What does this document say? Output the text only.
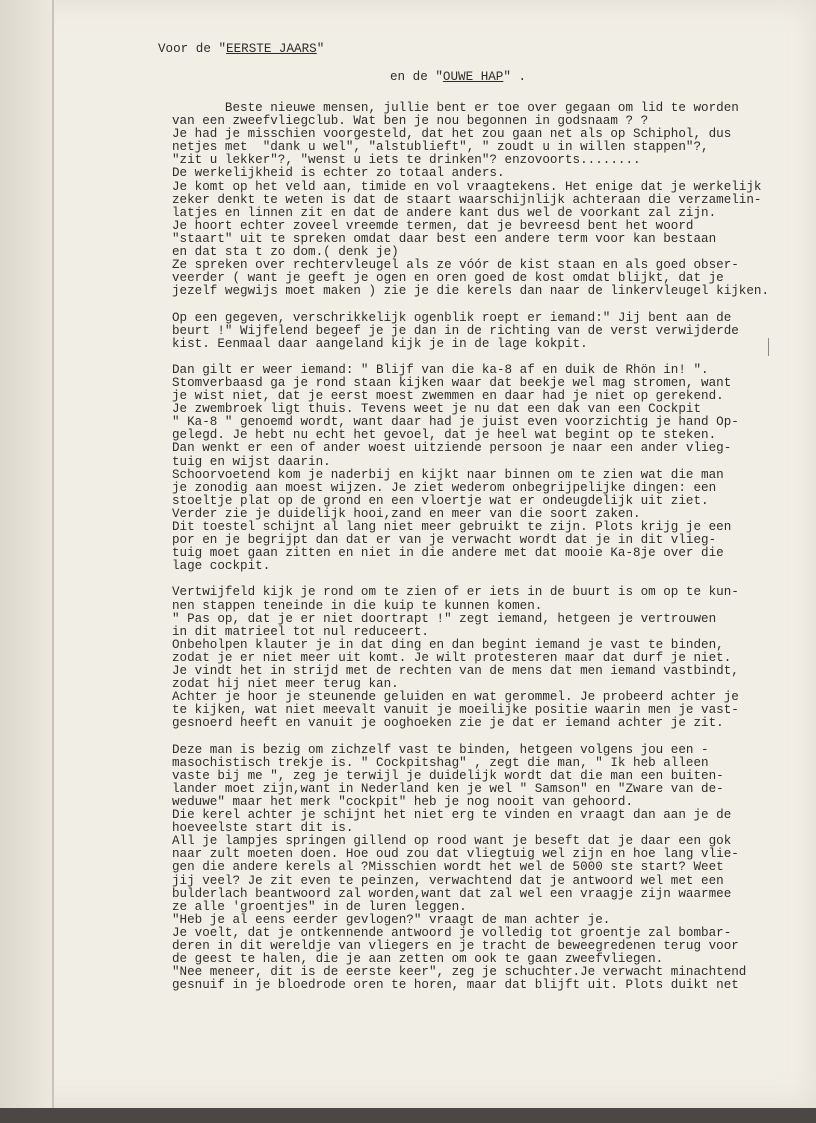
Voor de "EERSTE JAARS"
en de "OUWE HAP" .
Beste nieuwe mensen, jullie bent er toe over gegaan om lid te worden
van een zweefvliegclub. Wat ben je nou begonnen in godsnaam ? ?
Je had je misschien voorgesteld, dat het zou gaan net als op Schiphol, dus
netjes met  "dank u wel", "alstublieft", " zoudt u in willen stappen"?,
"zit u lekker"?, "wenst u iets te drinken"? enzovoorts........
De werkelijkheid is echter zo totaal anders.
Je komt op het veld aan, timide en vol vraagtekens. Het enige dat je werkelijk
zeker denkt te weten is dat de staart waarschijnlijk achteraan die verzamelin-
latjes en linnen zit en dat de andere kant dus wel de voorkant zal zijn.
Je hoort echter zoveel vreemde termen, dat je bevreesd bent het woord
"staart" uit te spreken omdat daar best een andere term voor kan bestaan
en dat sta t zo dom.( denk je)
Ze spreken over rechtervleugel als ze vóór de kist staan en als goed obser-
veerder ( want je geeft je ogen en oren goed de kost omdat blijkt, dat je
jezelf wegwijs moet maken ) zie je die kerels dan naar de linkervleugel kijken.
Op een gegeven, verschrikkelijk ogenblik roept er iemand:" Jij bent aan de
beurt !" Wijfelend begeef je je dan in de richting van de verst verwijderde
kist. Eenmaal daar aangeland kijk je in de lage kokpit.
Dan gilt er weer iemand: " Blijf van die ka-8 af en duik de Rhön in! ".
Stomverbaasd ga je rond staan kijken waar dat beekje wel mag stromen, want
je wist niet, dat je eerst moest zwemmen en daar had je niet op gerekend.
Je zwembroek ligt thuis. Tevens weet je nu dat een dak van een Cockpit
" Ka-8 " genoemd wordt, want daar had je juist even voorzichtig je hand Op-
gelegd. Je hebt nu echt het gevoel, dat je heel wat begint op te steken.
Dan wenkt er een of ander woest uitziende persoon je naar een ander vlieg-
tuig en wijst daarin.
Schoorvoetend kom je naderbij en kijkt naar binnen om te zien wat die man
je zonodig aan moest wijzen. Je ziet wederom onbegrijpelijke dingen: een
stoeltje plat op de grond en een vloertje wat er ondeugdelijk uit ziet.
Verder zie je duidelijk hooi,zand en meer van die soort zaken.
Dit toestel schijnt al lang niet meer gebruikt te zijn. Plots krijg je een
por en je begrijpt dan dat er van je verwacht wordt dat je in dit vlieg-
tuig moet gaan zitten en niet in die andere met dat mooie Ka-8je over die
lage cockpit.
Vertwijfeld kijk je rond om te zien of er iets in de buurt is om op te kun-
nen stappen teneinde in die kuip te kunnen komen.
" Pas op, dat je er niet doortrapt !" zegt iemand, hetgeen je vertrouwen
in dit matrieel tot nul reduceert.
Onbeholpen klauter je in dat ding en dan begint iemand je vast te binden,
zodat je er niet meer uit komt. Je wilt protesteren maar dat durf je niet.
Je vindt het in strijd met de rechten van de mens dat men iemand vastbindt,
zodat hij niet meer terug kan.
Achter je hoor je steunende geluiden en wat gerommel. Je probeerd achter je
te kijken, wat niet meevalt vanuit je moeilijke positie waarin men je vast-
gesnoerd heeft en vanuit je ooghoeken zie je dat er iemand achter je zit.
Deze man is bezig om zichzelf vast te binden, hetgeen volgens jou een -
masochistisch trekje is. " Cockpitshag" , zegt die man, " Ik heb alleen
vaste bij me ", zeg je terwijl je duidelijk wordt dat die man een buiten-
lander moet zijn,want in Nederland ken je wel " Samson" en "Zware van de-
weduwe" maar het merk "cockpit" heb je nog nooit van gehoord.
Die kerel achter je schijnt het niet erg te vinden en vraagt dan aan je de
hoeveelste start dit is.
All je lampjes springen gillend op rood want je beseft dat je daar een gok
naar zult moeten doen. Hoe oud zou dat vliegtuig wel zijn en hoe lang vlie-
gen die andere kerels al ?Misschien wordt het wel de 5000 ste start? Weet
jij veel? Je zit even te peinzen, verwachtend dat je antwoord wel met een
bulderlach beantwoord zal worden,want dat zal wel een vraagje zijn waarmee
ze alle 'groentjes" in de luren leggen.
"Heb je al eens eerder gevlogen?" vraagt de man achter je.
Je voelt, dat je ontkennende antwoord je volledig tot groentje zal bombar-
deren in dit wereldje van vliegers en je tracht de beweegredenen terug voor
de geest te halen, die je aan zetten om ook te gaan zweefvliegen.
"Nee meneer, dit is de eerste keer", zeg je schuchter.Je verwacht minachtend
gesnuif in je bloedrode oren te horen, maar dat blijft uit. Plots duikt net
